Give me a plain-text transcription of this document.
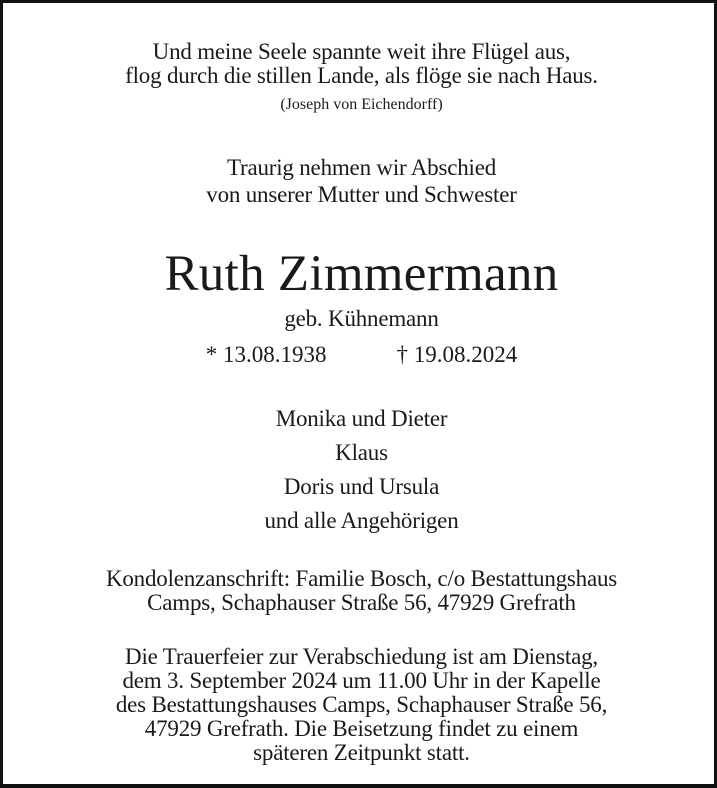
Und meine Seele spannte weit ihre Flügel aus,
flog durch die stillen Lande, als flöge sie nach Haus.
(Joseph von Eichendorff)
Traurig nehmen wir Abschied
von unserer Mutter und Schwester
Ruth Zimmermann
geb. Kühnemann
* 13.08.1938	† 19.08.2024
Monika und Dieter
Klaus
Doris und Ursula
und alle Angehörigen
Kondolenzanschrift: Familie Bosch, c/o Bestattungshaus
Camps, Schaphauser Straße 56, 47929 Grefrath
Die Trauerfeier zur Verabschiedung ist am Dienstag,
dem 3. September 2024 um 11.00 Uhr in der Kapelle
des Bestattungshauses Camps, Schaphauser Straße 56,
47929 Grefrath. Die Beisetzung findet zu einem
späteren Zeitpunkt statt.
